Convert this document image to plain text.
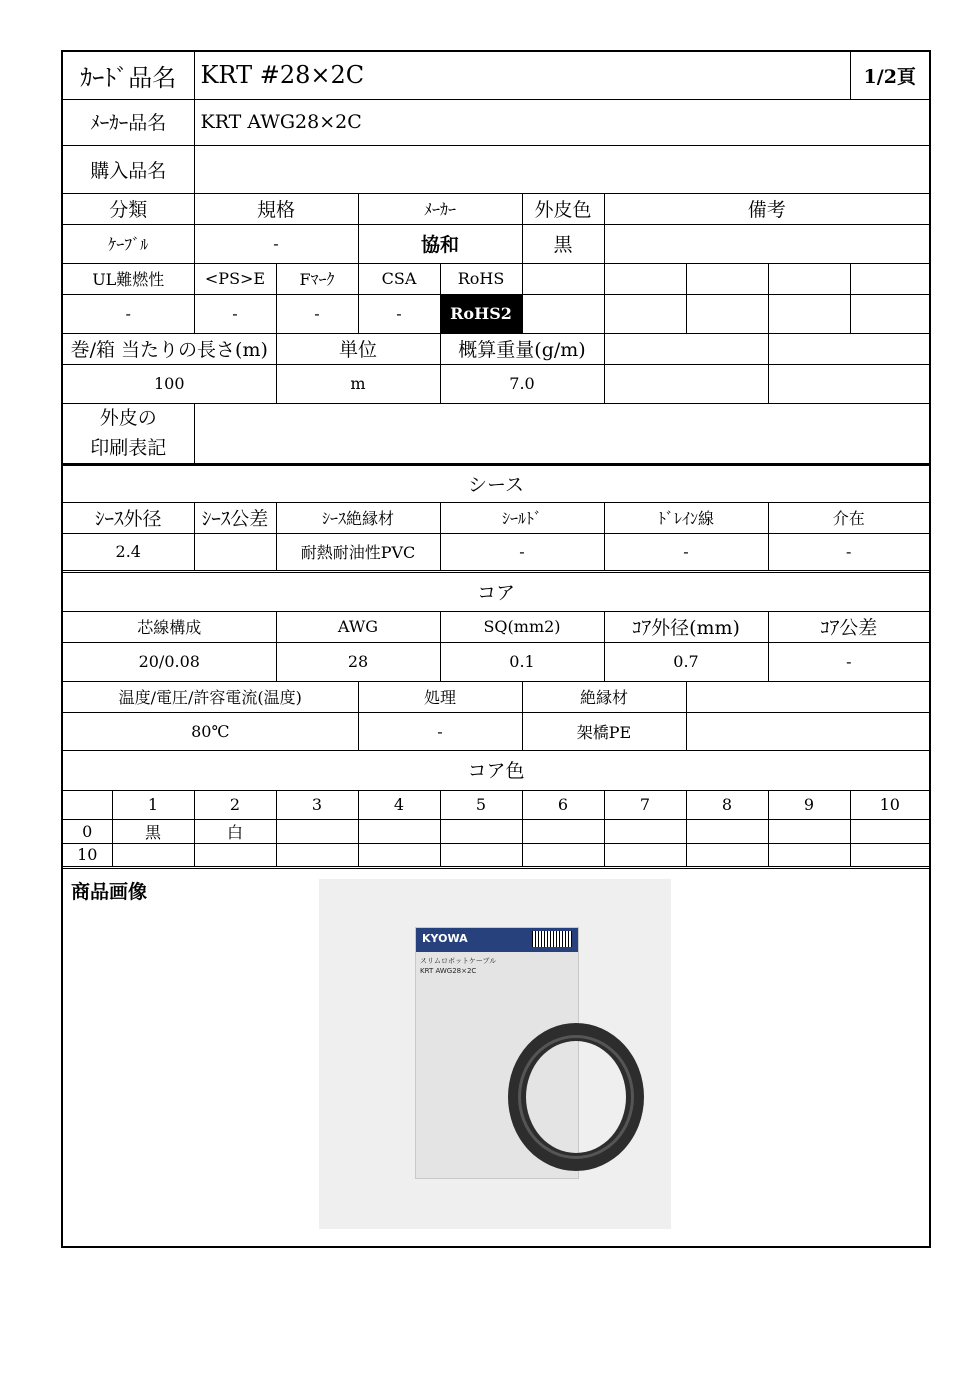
ｶｰﾄﾞ品名	KRT #28×2C	1/2頁
ﾒｰｶｰ品名	KRT AWG28×2C
購入品名	
分類	規格	ﾒｰｶｰ	外皮色	備考
ｹｰﾌﾞﾙ	-	協和	黒	
UL難燃性	<PS>E	Fﾏｰｸ	CSA	RoHS					
-	-	-	-	RoHS2					
巻/箱 当たりの長さ(m)	単位	概算重量(g/m)		
100	m	7.0		
外皮の
印刷表記

シース					
ｼｰｽ外径	ｼｰｽ公差	ｼｰｽ絶縁材	ｼｰﾙﾄﾞ	ﾄﾞﾚｲﾝ線	介在
2.4		耐熱耐油性PVC	-	-	-
コア				
芯線構成	AWG	SQ(mm2)	ｺｱ外径(mm)	ｺｱ公差
20/0.08	28	0.1	0.7	-
温度/電圧/許容電流(温度)	処理	絶縁材	
80℃	-	架橋PE	
コア色										
	1	2	3	4	5	6	7	8	9	10
0	黒	白								
10										
商品画像
KYOWA
スリムロボットケーブル
KRT AWG28×2C
